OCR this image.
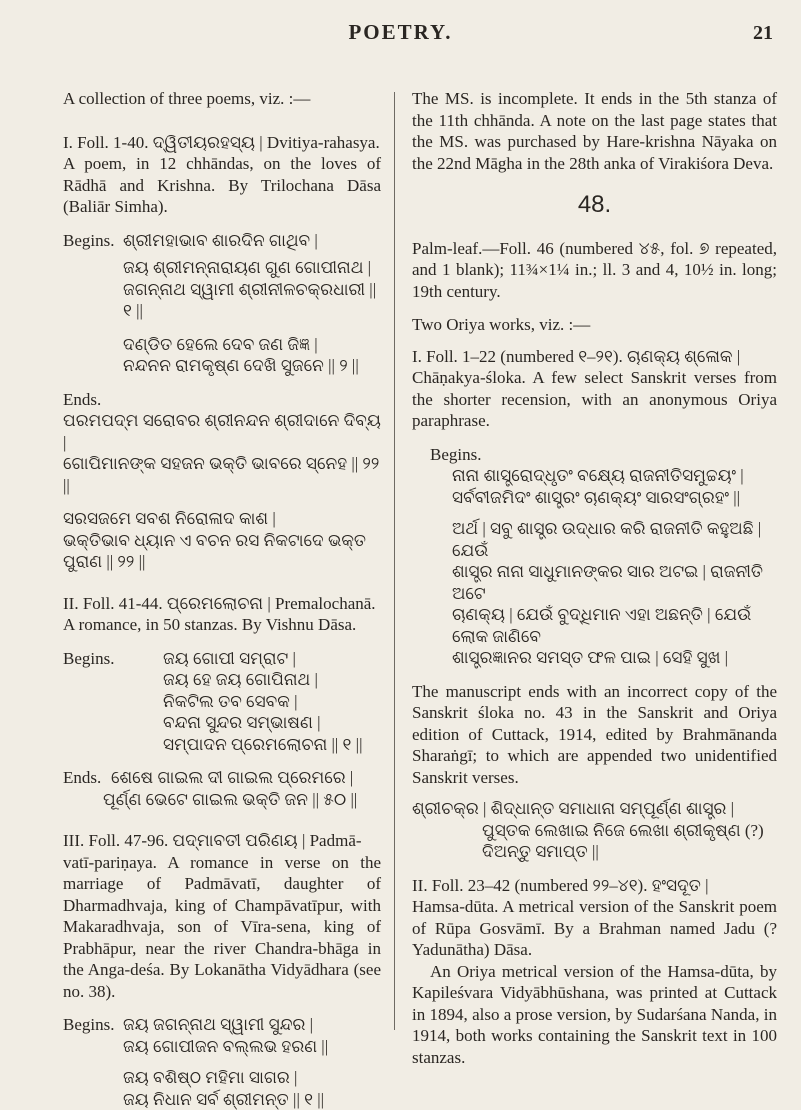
POETRY.	21

A collection of three poems, viz. :—

I. Foll. 1-40. ଦ୍ୱିତୀୟରହସ୍ୟ | Dvitiya-rahasya.

A poem, in 12 chhāndas, on the loves of Rādhā and Krishna. By Trilochana Dāsa (Baliār Simha).

Begins. ଶ୍ରୀମହାଭାବ ଶାରଦିନ ଗାଥିବ |

ଜୟ ଶ୍ରୀମନ୍ନାରାୟଣ ଗୁଣ ଗୋପୀନାଥ |

ଜଗନ୍ନାଥ ସ୍ୱାମୀ ଶ୍ରୀନୀଳଚକ୍ରଧାରୀ || ୧ ||

ଦଣ୍ଡିତ ହେଲେ ଦେବ ଜଣ ଜିଜ୍ଞ |

ନନ୍ଦନନ ରାମକୃଷ୍ଣ ଦେଖି ସୁଜନେ || ୨ ||

Ends.

ପରମପଦ୍ମ ସରୋବର ଶ୍ରୀନନ୍ଦନ ଶ୍ରୀଦାନେ ଦିବ୍ୟ |

ଗୋପିମାନଙ୍କ ସହଜନ ଭକ୍ତି ଭାବରେ ସ୍ନେହ || ୨୨ ||

ସରସଜମେ ସବଶ ନିରୋଳାଦ କାଶ |

ଭକ୍ତିଭାବ ଧ୍ୟାନ ଏ ବଚନ ରସ ନିକଟାଦେ ଭକ୍ତ ପୁରାଣ || ୨୨ ||

II. Foll. 41-44. ପ୍ରେମଲୋଚନା | Premalochanā.

A romance, in 50 stanzas. By Vishnu Dāsa.

Begins.	ଜୟ ଗୋପୀ ସମ୍ରାଟ |

ଜୟ ହେ ଜୟ ଗୋପିନାଥ |

ନିକଟିଲ ତବ ସେବକ |

ବନ୍ଦନା ସୁନ୍ଦର ସମ୍ଭାଷଣ |

ସମ୍ପାଦନ ପ୍ରେମଲୋଚନା || ୧ ||

Ends. ଶେଷେ ଗାଇଲ ଦୀ ଗାଇଲ ପ୍ରେମରେ |

ପୂର୍ଣ୍ଣ ଭେଟେ ଗାଇଲ ଭକ୍ତି ଜନ || ୫୦ ||

III. Foll. 47-96. ପଦ୍ମାବତୀ ପରିଣୟ | Padmā-

vatī-pariṇaya. A romance in verse on the marriage of Padmāvatī, daughter of Dharmadhvaja, king of Champāvatīpur, with Makaradhvaja, son of Vīra-sena, king of Prabhāpur, near the river Chandra-bhāga in the Anga-deśa. By Lokanātha Vidyādhara (see no. 38).

Begins. ଜୟ ଜଗନ୍ନାଥ ସ୍ୱାମୀ ସୁନ୍ଦର |

ଜୟ ଗୋପୀଜନ ବଲ୍ଲଭ ହରଣ ||

ଜୟ ବଶିଷ୍ଠ ମହିମା ସାଗର |

ଜୟ ନିଧାନ ସର୍ବ ଶ୍ରୀମନ୍ତ || ୧ ||

The MS. is incomplete. It ends in the 5th stanza of the 11th chhānda. A note on the last page states that the MS. was purchased by Hare-krishna Nāyaka on the 22nd Māgha in the 28th anka of Virakiśora Deva.

48.

Palm-leaf.—Foll. 46 (numbered ୪୫, fol. ୭ repeated, and 1 blank); 11¾×1¼ in.; ll. 3 and 4, 10½ in. long; 19th century.

Two Oriya works, viz. :—

I. Foll. 1–22 (numbered ୧–୨୧). ଚାଣକ୍ୟ ଶ୍ଳୋକ |

Chāṇakya-śloka. A few select Sanskrit verses from the shorter recension, with an anonymous Oriya paraphrase.

Begins.

ନାନା ଶାସ୍ତ୍ରୋଦ୍ଧୃତଂ ବକ୍ଷ୍ୟେ ରାଜନୀତିସମୁଚ୍ଚୟଂ |

ସର୍ବବୀଜମିଦଂ ଶାସ୍ତ୍ରଂ ଚାଣକ୍ୟଂ ସାରସଂଗ୍ରହଂ ||

ଅର୍ଥ | ସବୁ ଶାସ୍ତ୍ର ଉଦ୍ଧାର କରି ରାଜନୀତି କହୁଅଛି | ଯେଉଁ

ଶାସ୍ତ୍ର ନାନା ସାଧୁମାନଙ୍କର ସାର ଅଟଇ | ରାଜନୀତି ଅଟେ

ଚାଣକ୍ୟ | ଯେଉଁ ବୁଦ୍ଧିମାନ ଏହା ଅଛନ୍ତି | ଯେଉଁ ଲୋକ ଜାଣିବେ

ଶାସ୍ତ୍ରଜ୍ଞାନର ସମସ୍ତ ଫଳ ପାଇ | ସେହି ସୁଖ |

The manuscript ends with an incorrect copy of the Sanskrit śloka no. 43 in the Sanskrit and Oriya edition of Cuttack, 1914, edited by Brahmānanda Sharaṅgī; to which are appended two unidentified Sanskrit verses.

ଶ୍ରୀଚକ୍ର | ଶିଦ୍ଧାନ୍ତ ସମାଧାନା ସମ୍ପୂର୍ଣ୍ଣ ଶାସ୍ତ୍ର |

ପୁସ୍ତକ ଲେଖାଇ ନିଜେ ଲେଖା ଶ୍ରୀକୃଷ୍ଣ (?) ଦିଅନ୍ତୁ ସମାପ୍ତ ||

II. Foll. 23–42 (numbered ୨୨–୪୧). ହଂସଦୂତ |

Hamsa-dūta. A metrical version of the Sanskrit poem of Rūpa Gosvāmī. By a Brahman named Jadu (? Yadunātha) Dāsa.

An Oriya metrical version of the Hamsa-dūta, by Kapileśvara Vidyābhūshana, was printed at Cuttack in 1894, also a prose version, by Sudarśana Nanda, in 1914, both works containing the Sanskrit text in 100 stanzas.
